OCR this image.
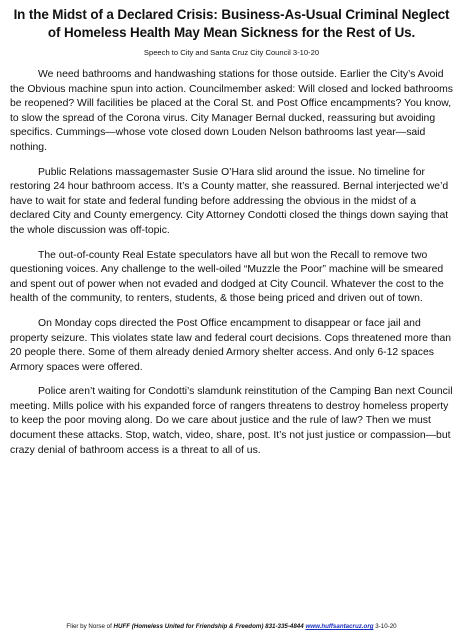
In the Midst of a Declared Crisis: Business-As-Usual Criminal Neglect
of Homeless Health May Mean Sickness for the Rest of Us.
Speech to City and Santa Cruz City Council 3-10-20

We need bathrooms and handwashing stations for those outside. Earlier the City’s Avoid the Obvious machine spun into action. Councilmember asked: Will closed and locked bathrooms be reopened? Will facilities be placed at the Coral St. and Post Office encampments? You know, to slow the spread of the Corona virus. City Manager Bernal ducked, reassuring but avoiding specifics. Cummings—whose vote closed down Louden Nelson bathrooms last year—said nothing.

Public Relations massagemaster Susie O’Hara slid around the issue. No timeline for restoring 24 hour bathroom access. It’s a County matter, she reassured. Bernal interjected we’d have to wait for state and federal funding before addressing the obvious in the midst of a declared City and County emergency. City Attorney Condotti closed the things down saying that the whole discussion was off-topic.

The out-of-county Real Estate speculators have all but won the Recall to remove two questioning voices. Any challenge to the well-oiled “Muzzle the Poor” machine will be smeared and spent out of power when not evaded and dodged at City Council. Whatever the cost to the health of the community, to renters, students, & those being priced and driven out of town.

On Monday cops directed the Post Office encampment to disappear or face jail and property seizure. This violates state law and federal court decisions. Cops threatened more than 20 people there. Some of them already denied Armory shelter access. And only 6-12 spaces Armory spaces were offered.

Police aren’t waiting for Condotti’s slamdunk reinstitution of the Camping Ban next Council meeting. Mills police with his expanded force of rangers threatens to destroy homeless property to keep the poor moving along. Do we care about justice and the rule of law? Then we must document these attacks. Stop, watch, video, share, post. It’s not just justice or compassion—but crazy denial of bathroom access is a threat to all of us.

Flier by Norse of HUFF (Homeless United for Friendship & Freedom) 831-335-4844 www.huffsantacruz.org 3-10-20
